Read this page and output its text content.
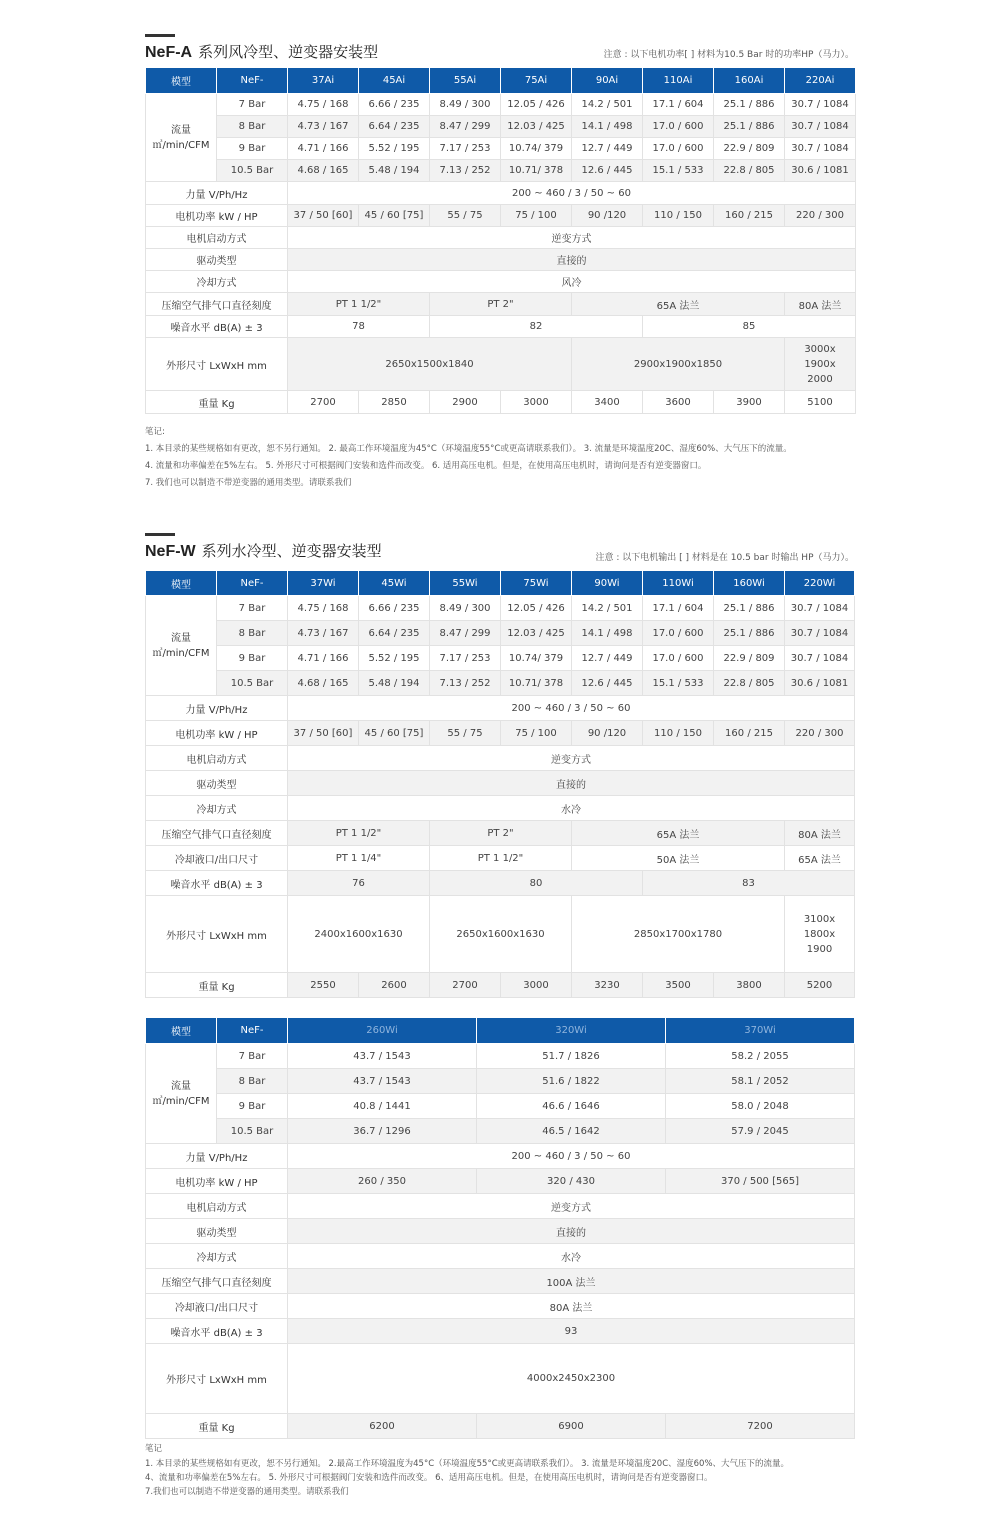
NeF-A 系列风冷型、逆变器安装型	注意 : 以下电机功率[ ] 材料为10.5 Bar 时的功率HP（马力）。
模型	NeF-	37Ai	45Ai	55Ai	75Ai	90Ai	110Ai	160Ai	220Ai
流量
㎥/min/CFM	7 Bar	4.75 / 168	6.66 / 235	8.49 / 300	12.05 / 426	14.2 / 501	17.1 / 604	25.1 / 886	30.7 / 1084
	8 Bar	4.73 / 167	6.64 / 235	8.47 / 299	12.03 / 425	14.1 / 498	17.0 / 600	25.1 / 886	30.7 / 1084
	9 Bar	4.71 / 166	5.52 / 195	7.17 / 253	10.74/ 379	12.7 / 449	17.0 / 600	22.9 / 809	30.7 / 1084
	10.5 Bar	4.68 / 165	5.48 / 194	7.13 / 252	10.71/ 378	12.6 / 445	15.1 / 533	22.8 / 805	30.6 / 1081
力量 V/Ph/Hz		200 ~ 460 / 3 / 50 ~ 60							
电机功率 kW / HP		37 / 50 [60]	45 / 60 [75]	55 / 75	75 / 100	90 /120	110 / 150	160 / 215	220 / 300
电机启动方式		逆变方式							
驱动类型		直接的							
冷却方式		风冷							
压缩空气排气口直径刻度		PT 1 1/2"		PT 2"		65A 法兰			80A 法兰
噪音水平 dB(A) ± 3		78		82			85		
外形尺寸 LxWxH mm		2650x1500x1840				2900x1900x1850			3000x 1900x 2000
重量 Kg		2700	2850	2900	3000	3400	3600	3900	5100
笔记:
1. 本目录的某些规格如有更改，恕不另行通知。 2. 最高工作环境温度为45°C（环境温度55°C或更高请联系我们）。 3. 流量是环境温度20C、湿度60%、大气压下的流量。
4. 流量和功率偏差在5%左右。 5. 外形尺寸可根据阀门安装和选件而改变。 6. 适用高压电机。但是，在使用高压电机时，请询问是否有逆变器窗口。
7. 我们也可以制造不带逆变器的通用类型。请联系我们
NeF-W 系列水冷型、逆变器安装型	注意 : 以下电机输出 [ ] 材料是在 10.5 bar 时输出 HP（马力）。
模型	NeF-	37Wi	45Wi	55Wi	75Wi	90Wi	110Wi	160Wi	220Wi
流量
㎥/min/CFM	7 Bar	4.75 / 168	6.66 / 235	8.49 / 300	12.05 / 426	14.2 / 501	17.1 / 604	25.1 / 886	30.7 / 1084
	8 Bar	4.73 / 167	6.64 / 235	8.47 / 299	12.03 / 425	14.1 / 498	17.0 / 600	25.1 / 886	30.7 / 1084
	9 Bar	4.71 / 166	5.52 / 195	7.17 / 253	10.74/ 379	12.7 / 449	17.0 / 600	22.9 / 809	30.7 / 1084
	10.5 Bar	4.68 / 165	5.48 / 194	7.13 / 252	10.71/ 378	12.6 / 445	15.1 / 533	22.8 / 805	30.6 / 1081
力量 V/Ph/Hz		200 ~ 460 / 3 / 50 ~ 60							
电机功率 kW / HP		37 / 50 [60]	45 / 60 [75]	55 / 75	75 / 100	90 /120	110 / 150	160 / 215	220 / 300
电机启动方式		逆变方式							
驱动类型		直接的							
冷却方式		水冷							
压缩空气排气口直径刻度		PT 1 1/2"		PT 2"		65A 法兰			80A 法兰
冷却液口/出口尺寸		PT 1 1/4"		PT 1 1/2"		50A 法兰			65A 法兰
噪音水平 dB(A) ± 3		76		80			83		
外形尺寸 LxWxH mm		2400x1600x1630		2650x1600x1630		2850x1700x1780			3100x 1800x 1900

重量 Kg		2550	2600	2700	3000	3230	3500	3800	5200
模型	NeF-	260Wi	320Wi	370Wi
流量
㎥/min/CFM	7 Bar	43.7 / 1543	51.7 / 1826	58.2 / 2055
	8 Bar	43.7 / 1543	51.6 / 1822	58.1 / 2052
	9 Bar	40.8 / 1441	46.6 / 1646	58.0 / 2048
	10.5 Bar	36.7 / 1296	46.5 / 1642	57.9 / 2045
力量 V/Ph/Hz		200 ~ 460 / 3 / 50 ~ 60		
电机功率 kW / HP		260 / 350	320 / 430	370 / 500 [565]
电机启动方式		逆变方式		
驱动类型		直接的		
冷却方式		水冷		
压缩空气排气口直径刻度		100A 法兰		
冷却液口/出口尺寸		80A 法兰		
噪音水平 dB(A) ± 3		93		
外形尺寸 LxWxH mm		4000x2450x2300		
重量 Kg		6200	6900	7200
笔记
1. 本目录的某些规格如有更改，恕不另行通知。 2.最高工作环境温度为45°C（环境温度55°C或更高请联系我们）。 3. 流量是环境温度20C、湿度60%、大气压下的流量。
4、流量和功率偏差在5%左右。 5. 外形尺寸可根据阀门安装和选件而改变。 6、适用高压电机。但是，在使用高压电机时，请询问是否有逆变器窗口。
7.我们也可以制造不带逆变器的通用类型。请联系我们
